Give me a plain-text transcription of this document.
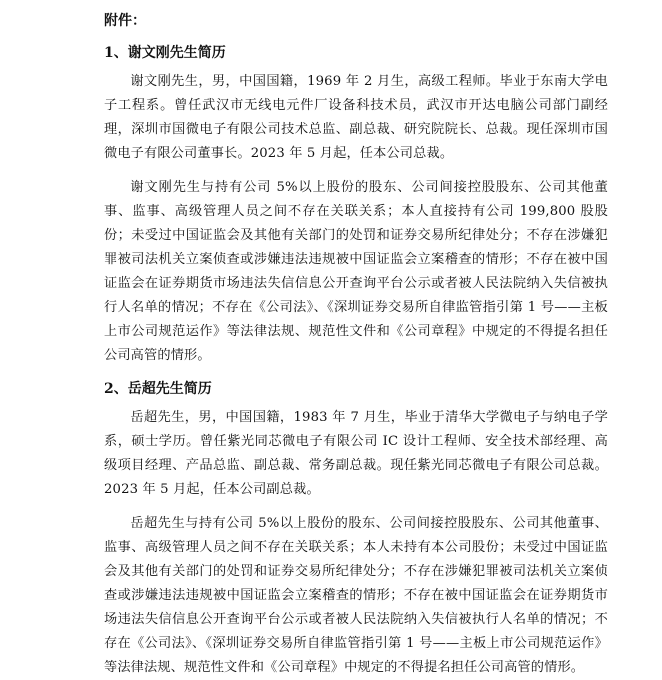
附件：

1、谢文刚先生简历

谢文刚先生，男，中国国籍，1969 年 2 月生，高级工程师。毕业于东南大学电子工程系。曾任武汉市无线电元件厂设备科技术员，武汉市开达电脑公司部门副经理，深圳市国微电子有限公司技术总监、副总裁、研究院院长、总裁。现任深圳市国微电子有限公司董事长。2023 年 5 月起，任本公司总裁。

谢文刚先生与持有公司 5%以上股份的股东、公司间接控股股东、公司其他董事、监事、高级管理人员之间不存在关联关系；本人直接持有公司 199,800 股股份；未受过中国证监会及其他有关部门的处罚和证券交易所纪律处分；不存在涉嫌犯罪被司法机关立案侦查或涉嫌违法违规被中国证监会立案稽查的情形；不存在被中国证监会在证券期货市场违法失信信息公开查询平台公示或者被人民法院纳入失信被执行人名单的情况；不存在《公司法》、《深圳证券交易所自律监管指引第 1 号——主板上市公司规范运作》等法律法规、规范性文件和《公司章程》中规定的不得提名担任公司高管的情形。

2、岳超先生简历

岳超先生，男，中国国籍，1983 年 7 月生，毕业于清华大学微电子与纳电子学系，硕士学历。曾任紫光同芯微电子有限公司 IC 设计工程师、安全技术部经理、高级项目经理、产品总监、副总裁、常务副总裁。现任紫光同芯微电子有限公司总裁。2023 年 5 月起，任本公司副总裁。

岳超先生与持有公司 5%以上股份的股东、公司间接控股股东、公司其他董事、监事、高级管理人员之间不存在关联关系；本人未持有本公司股份；未受过中国证监会及其他有关部门的处罚和证券交易所纪律处分；不存在涉嫌犯罪被司法机关立案侦查或涉嫌违法违规被中国证监会立案稽查的情形；不存在被中国证监会在证券期货市场违法失信信息公开查询平台公示或者被人民法院纳入失信被执行人名单的情况；不存在《公司法》、《深圳证券交易所自律监管指引第 1 号——主板上市公司规范运作》等法律法规、规范性文件和《公司章程》中规定的不得提名担任公司高管的情形。
